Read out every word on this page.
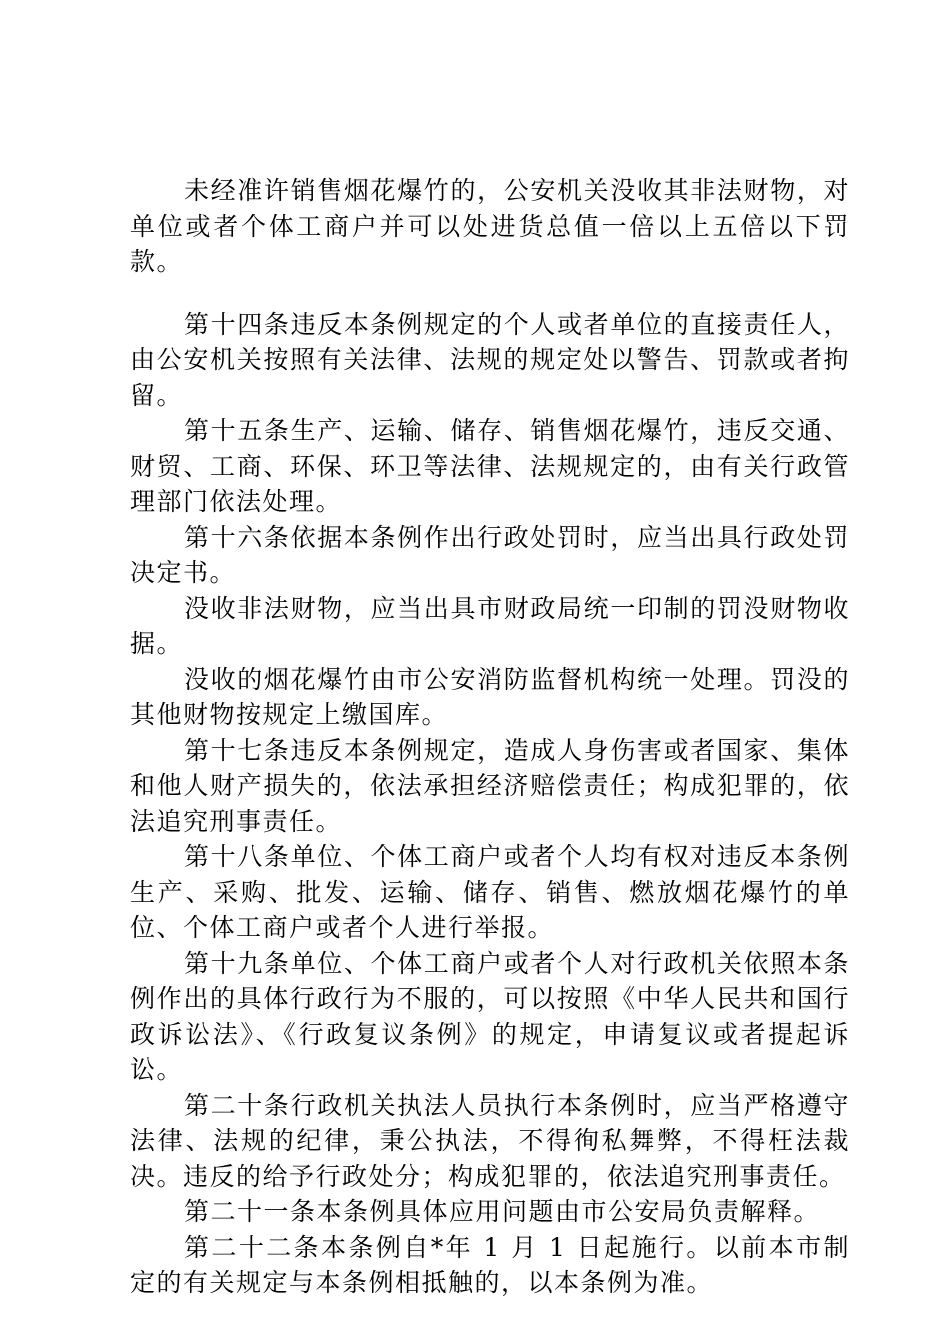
未经准许销售烟花爆竹的，公安机关没收其非法财物，对单位或者个体工商户并可以处进货总值一倍以上五倍以下罚款。

第十四条违反本条例规定的个人或者单位的直接责任人，由公安机关按照有关法律、法规的规定处以警告、罚款或者拘留。

第十五条生产、运输、储存、销售烟花爆竹，违反交通、财贸、工商、环保、环卫等法律、法规规定的，由有关行政管理部门依法处理。

第十六条依据本条例作出行政处罚时，应当出具行政处罚决定书。

没收非法财物，应当出具市财政局统一印制的罚没财物收据。

没收的烟花爆竹由市公安消防监督机构统一处理。罚没的其他财物按规定上缴国库。

第十七条违反本条例规定，造成人身伤害或者国家、集体和他人财产损失的，依法承担经济赔偿责任；构成犯罪的，依法追究刑事责任。

第十八条单位、个体工商户或者个人均有权对违反本条例生产、采购、批发、运输、储存、销售、燃放烟花爆竹的单位、个体工商户或者个人进行举报。

第十九条单位、个体工商户或者个人对行政机关依照本条例作出的具体行政行为不服的，可以按照《中华人民共和国行政诉讼法》、《行政复议条例》的规定，申请复议或者提起诉讼。

第二十条行政机关执法人员执行本条例时，应当严格遵守法律、法规的纪律，秉公执法，不得徇私舞弊，不得枉法裁决。违反的给予行政处分；构成犯罪的，依法追究刑事责任。

第二十一条本条例具体应用问题由市公安局负责解释。

第二十二条本条例自*年 1 月 1 日起施行。以前本市制定的有关规定与本条例相抵触的，以本条例为准。
